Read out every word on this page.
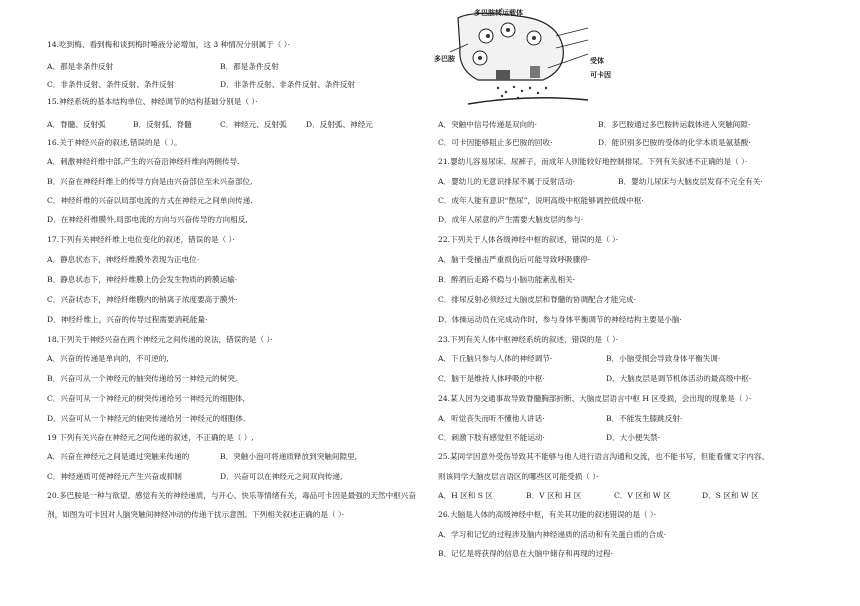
14.吃到梅、看到梅和谈到梅时唾液分泌增加，这 3 种情况分别属于（ ）·
A．都是非条件反射	B．都是条件反射
C．非条件反射、条件反射、条件反射	D．非条件反射、非条件反射、条件反射
15.神经系统的基本结构单位、神经调节的结构基础分别是（ ）·
A．脊髓、反射弧	B．反射弧、脊髓	C．神经元、反射弧	D．反射弧、神经元
16.关于神经兴奋的叙述,错误的是（ ）。
A．刺激神经纤维中部,产生的兴奋沿神经纤维向两侧传导.
B．兴奋在神经纤维上的传导方向是由兴奋部位至未兴奋部位,
C．神经纤维的兴奋以局部电流的方式在神经元之间单向传递.
D．在神经纤维膜外,局部电流的方向与兴奋传导的方向相反,
17.下列有关神经纤维上电位变化的叙述，错误的是（ ）·
A．静息状态下，神经纤维膜外表现为正电位·
B．静息状态下，神经纤维膜上仍会发生物质的跨膜运输·
C．兴奋状态下，神经纤维膜内的钠离子浓度要高于膜外·
D．神经纤维上，兴奋的传导过程需要消耗能量·
18.下列关于神经兴奋在两个神经元之间传递的说法，错误的是（ ）·
A．兴奋的传递是单向的，不可逆的,
B．兴奋可从一个神经元的轴突传递给另一神经元的树突,
C．兴奋可从一个神经元的树突传递给另一神经元的细胞体,
D．兴奋可从一个神经元的轴突传递给另一神经元的细胞体.
19 下列有关兴奋在神经元之间传递的叙述，不正确的是（ ）,
A．兴奋在神经元之间是通过突触来传递的	B．突触小泡可将递质释放到突触间隙里,
C．神经递质可使神经元产生兴奋或抑制	D．兴奋可以在神经元之间双向传递,
20.多巴胺是一种与欲望、感觉有关的神经递质，与开心、快乐等情绪有关，毒品可卡因是最强的天然中枢兴奋
剂，如图为可卡因对人脑突触间神经冲动的传递干扰示意图。下列相关叙述正确的是（ ）·
多巴胺转运载体
多巴胺	受体
可卡因
A．突触中信号传递是双向的·	B．多巴胺通过多巴胺转运载体进入突触间隙·
C．可卡因能够阻止多巴胺的回收·	D．能识别多巴胺的受体的化学本质是氨基酸·
21.婴幼儿容易尿床、尿裤子，而成年人则能较好地控制排尿。下列有关叙述不正确的是（ ）·
A．婴幼儿的无意识排尿不属于反射活动·	B．婴幼儿尿床与大脑皮层发育不完全有关·
C．成年人能有意识“憋尿”，说明高级中枢能够调控低级中枢·
D．成年人尿意的产生需要大脑皮层的参与·
22.下列关于人体各级神经中枢的叙述，错误的是（ ）·
A．脑干受撞击严重损伤后可能导致呼吸骤停·
B．醉酒后走路不稳与小脑功能紊乱相关·
C．排尿反射必须经过大脑皮层和脊髓的协调配合才能完成·
D．体操运动员在完成动作时，参与身体平衡调节的神经结构主要是小脑·
23.下列有关人体中枢神经系统的叙述，错误的是（ ）·
A．下丘脑只参与人体的神经调节·	B．小脑受损会导致身体平衡失调·
C．脑干是维持人体呼吸的中枢·	D．大脑皮层是调节机体活动的最高级中枢·
24.某人因为交通事故导致脊髓胸部折断、大脑皮层语言中枢 H 区受损，会出现的现象是（ ）·
A．听觉丧失而听不懂他人讲话·	B．不能发生膝跳反射·
C．刺激下肢有感觉但不能运动·	D．大小便失禁·
25.某同学因意外受伤导致其不能够与他人进行语言沟通和交流，也不能书写，但能看懂文字内容。
则该同学大脑皮层言语区的哪些区可能受损（ ）·
A．H 区和 S 区	B．V 区和 H 区	C．V 区和 W 区	D．S 区和 W 区
26.大脑是人体的高级神经中枢，有关其功能的叙述错误的是（ ）·
A．学习和记忆的过程涉及脑内神经递质的活动和有关蛋白质的合成·
B．记忆是将获得的信息在大脑中储存和再现的过程·
